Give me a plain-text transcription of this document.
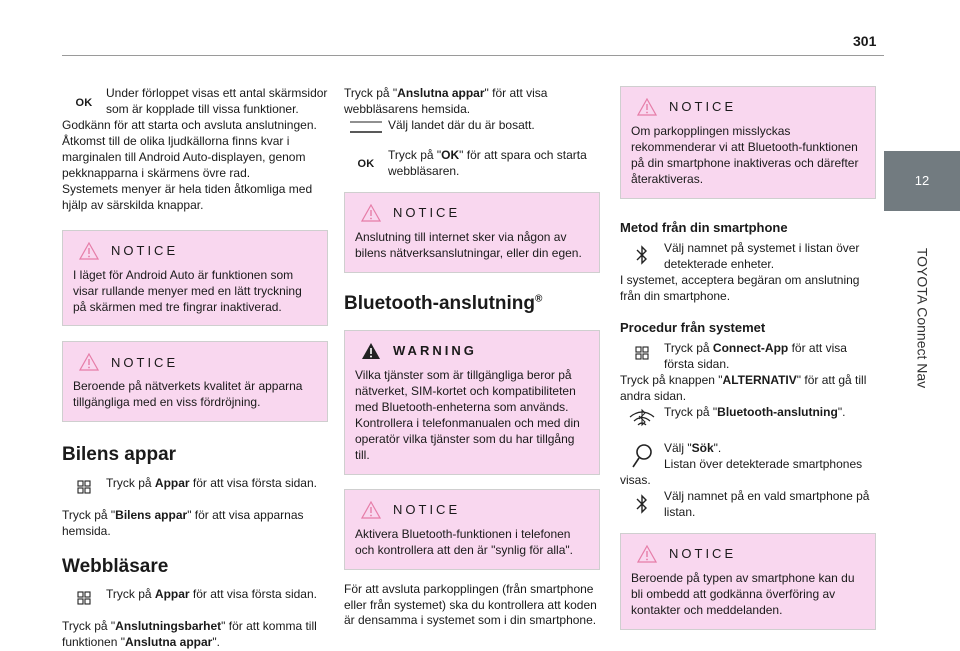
301
12
TOYOTA Connect Nav
OK

Under förloppet visas ett antal skärmsidor som är kopplade till vissa funktioner.

Godkänn för att starta och avsluta anslutningen.
Åtkomst till de olika ljudkällorna finns kvar i marginalen till Android Auto-displayen, genom pekknapparna i skärmens övre rad.
Systemets menyer är hela tiden åtkomliga med hjälp av särskilda knappar.

NOTICE

I läget för Android Auto är funktionen som visar rullande menyer med en lätt tryckning på skärmen med tre fingrar inaktiverad.

NOTICE

Beroende på nätverkets kvalitet är apparna tillgängliga med en viss fördröjning.

Bilens appar

Tryck på Appar för att visa första sidan.

Tryck på "Bilens appar" för att visa apparnas hemsida.

Webbläsare

Tryck på Appar för att visa första sidan.

Tryck på "Anslutningsbarhet" för att komma till funktionen "Anslutna appar".

Tryck på "Anslutna appar" för att visa webbläsarens hemsida.

Välj landet där du är bosatt.

OK

Tryck på "OK" för att spara och starta webbläsaren.

NOTICE

Anslutning till internet sker via någon av bilens nätverksanslutningar, eller din egen.

Bluetooth-anslutning®
WARNING

Vilka tjänster som är tillgängliga beror på nätverket, SIM-kortet och kompatibiliteten med Bluetooth-enheterna som används. Kontrollera i telefonmanualen och med din operatör vilka tjänster som du har tillgång till.

NOTICE

Aktivera Bluetooth-funktionen i telefonen och kontrollera att den är "synlig för alla".

För att avsluta parkopplingen (från smartphone eller från systemet) ska du kontrollera att koden är densamma i systemet som i din smartphone.

NOTICE

Om parkopplingen misslyckas rekommenderar vi att Bluetooth-funktionen på din smartphone inaktiveras och därefter återaktiveras.

Metod från din smartphone

Välj namnet på systemet i listan över detekterade enheter.

I systemet, acceptera begäran om anslutning från din smartphone.

Procedur från systemet

Tryck på Connect-App för att visa första sidan.

Tryck på knappen "ALTERNATIV" för att gå till andra sidan.

Tryck på "Bluetooth-anslutning".

Välj "Sök".

Listan över detekterade smartphones

visas.

Välj namnet på en vald smartphone på listan.

NOTICE

Beroende på typen av smartphone kan du bli ombedd att godkänna överföring av kontakter och meddelanden.
